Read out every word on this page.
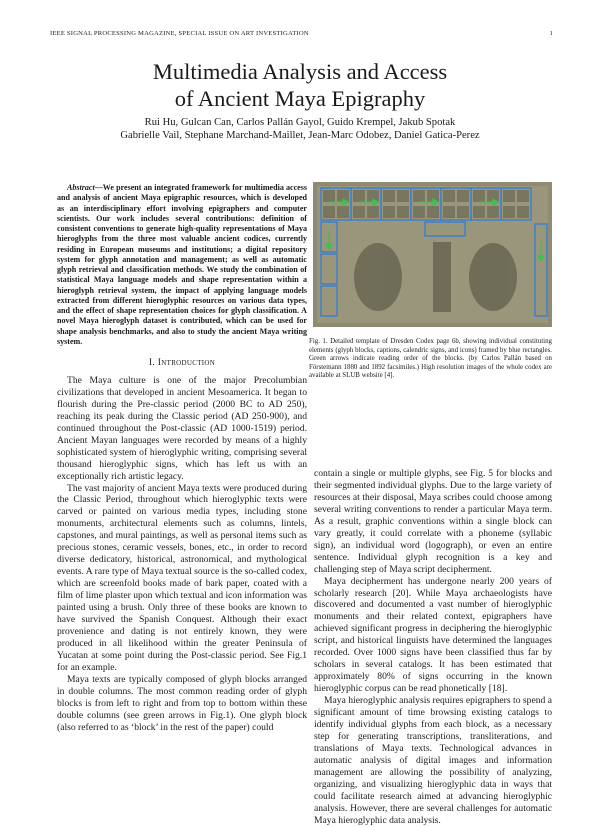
IEEE SIGNAL PROCESSING MAGAZINE, SPECIAL ISSUE ON ART INVESTIGATION	1
Multimedia Analysis and Access
of Ancient Maya Epigraphy
Rui Hu, Gulcan Can, Carlos Pallán Gayol, Guido Krempel, Jakub Spotak
Gabrielle Vail, Stephane Marchand-Maillet, Jean-Marc Odobez, Daniel Gatica-Perez

Abstract—We present an integrated framework for multimedia access and analysis of ancient Maya epigraphic resources, which is developed as an interdisciplinary effort involving epigraphers and computer scientists. Our work includes several contributions: definition of consistent conventions to generate high-quality representations of Maya hieroglyphs from the three most valuable ancient codices, currently residing in European museums and institutions; a digital repository system for glyph annotation and management; as well as automatic glyph retrieval and classification methods. We study the combination of statistical Maya language models and shape representation within a hieroglyph retrieval system, the impact of applying language models extracted from different hieroglyphic resources on various data types, and the effect of shape representation choices for glyph classification. A novel Maya hieroglyph dataset is contributed, which can be used for shape analysis benchmarks, and also to study the ancient Maya writing system.

I. Introduction

The Maya culture is one of the major Precolumbian civilizations that developed in ancient Mesoamerica. It began to flourish during the Pre-classic period (2000 BC to AD 250), reaching its peak during the Classic period (AD 250-900), and continued throughout the Post-classic (AD 1000-1519) period. Ancient Mayan languages were recorded by means of a highly sophisticated system of hieroglyphic writing, comprising several thousand hieroglyphic signs, which has left us with an exceptionally rich artistic legacy.

The vast majority of ancient Maya texts were produced during the Classic Period, throughout which hieroglyphic texts were carved or painted on various media types, including stone monuments, architectural elements such as columns, lintels, capstones, and mural paintings, as well as personal items such as precious stones, ceramic vessels, bones, etc., in order to record diverse dedicatory, historical, astronomical, and mythological events. A rare type of Maya textual source is the so-called codex, which are screenfold books made of bark paper, coated with a film of lime plaster upon which textual and icon information was painted using a brush. Only three of these books are known to have survived the Spanish Conquest. Although their exact provenience and dating is not entirely known, they were produced in all likelihood within the greater Peninsula of Yucatan at some point during the Post-classic period. See Fig.1 for an example.

Maya texts are typically composed of glyph blocks arranged in double columns. The most common reading order of glyph blocks is from left to right and from top to bottom within these double columns (see green arrows in Fig.1). One glyph block (also referred to as ‘block’ in the rest of the paper) could

Fig. 1. Detailed template of Dresden Codex page 6b, showing individual constituting elements (glyph blocks, captions, calendric signs, and icons) framed by blue rectangles. Green arrows indicate reading order of the blocks. (by Carlos Pallán based on Förstemann 1880 and 1892 facsimiles.) High resolution images of the whole codex are available at SLUB website [4].

contain a single or multiple glyphs, see Fig. 5 for blocks and their segmented individual glyphs. Due to the large variety of resources at their disposal, Maya scribes could choose among several writing conventions to render a particular Maya term. As a result, graphic conventions within a single block can vary greatly, it could correlate with a phoneme (syllabic sign), an individual word (logograph), or even an entire sentence. Individual glyph recognition is a key and challenging step of Maya script decipherment.

Maya decipherment has undergone nearly 200 years of scholarly research [20]. While Maya archaeologists have discovered and documented a vast number of hieroglyphic monuments and their related context, epigraphers have achieved significant progress in deciphering the hieroglyphic script, and historical linguists have determined the languages recorded. Over 1000 signs have been classified thus far by scholars in several catalogs. It has been estimated that approximately 80% of signs occurring in the known hieroglyphic corpus can be read phonetically [18].

Maya hieroglyphic analysis requires epigraphers to spend a significant amount of time browsing existing catalogs to identify individual glyphs from each block, as a necessary step for generating transcriptions, transliterations, and translations of Maya texts. Technological advances in automatic analysis of digital images and information management are allowing the possibility of analyzing, organizing, and visualizing hieroglyphic data in ways that could facilitate research aimed at advancing hieroglyphic analysis. However, there are several challenges for automatic Maya hieroglyphic data analysis.
